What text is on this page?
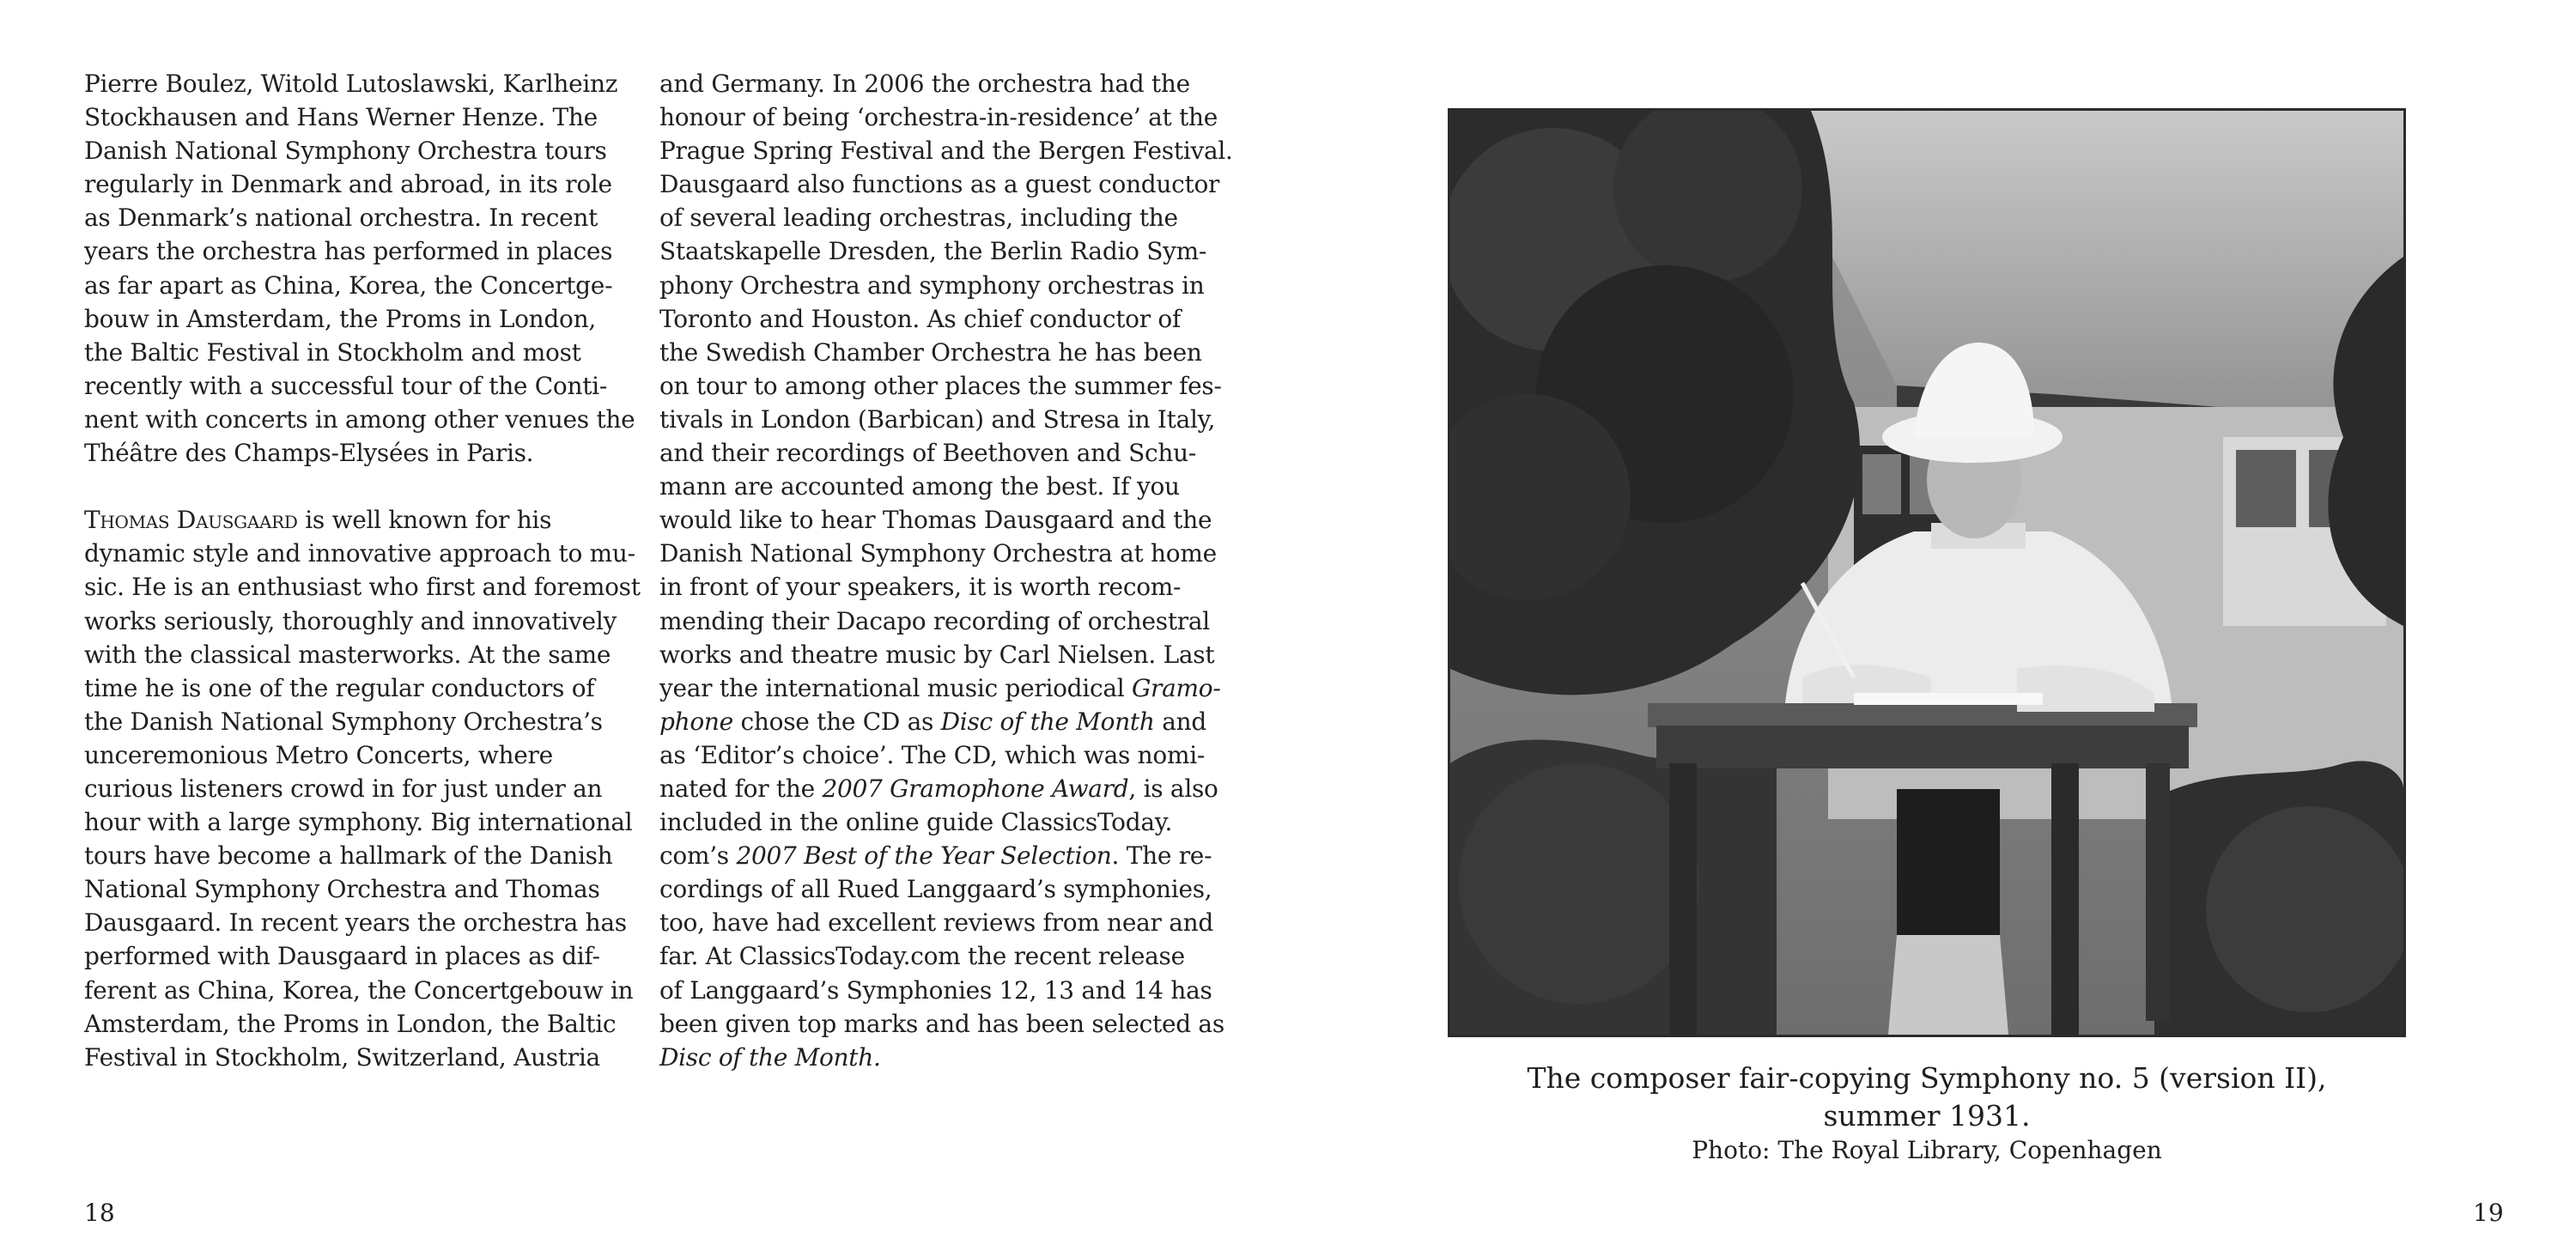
Pierre Boulez, Witold Lutoslawski, Karlheinz
Stockhausen and Hans Werner Henze. The
Danish National Symphony Orchestra tours
regularly in Denmark and abroad, in its role
as Denmark’s national orchestra. In recent
years the orchestra has performed in places
as far apart as China, Korea, the Concertge-
bouw in Amsterdam, the Proms in London,
the Baltic Festival in Stockholm and most
recently with a successful tour of the Conti-
nent with concerts in among other venues the
Théâtre des Champs-Elysées in Paris.
Thomas Dausgaard is well known for his
dynamic style and innovative approach to mu-
sic. He is an enthusiast who first and foremost
works seriously, thoroughly and innovatively
with the classical masterworks. At the same
time he is one of the regular conductors of
the Danish National Symphony Orchestra’s
unceremonious Metro Concerts, where
curious listeners crowd in for just under an
hour with a large symphony. Big international
tours have become a hallmark of the Danish
National Symphony Orchestra and Thomas
Dausgaard. In recent years the orchestra has
performed with Dausgaard in places as dif-
ferent as China, Korea, the Concertgebouw in
Amsterdam, the Proms in London, the Baltic
Festival in Stockholm, Switzerland, Austria
and Germany. In 2006 the orchestra had the
honour of being ‘orchestra-in-residence’ at the
Prague Spring Festival and the Bergen Festival.
Dausgaard also functions as a guest conductor
of several leading orchestras, including the
Staatskapelle Dresden, the Berlin Radio Sym-
phony Orchestra and symphony orchestras in
Toronto and Houston. As chief conductor of
the Swedish Chamber Orchestra he has been
on tour to among other places the summer fes-
tivals in London (Barbican) and Stresa in Italy,
and their recordings of Beethoven and Schu-
mann are accounted among the best. If you
would like to hear Thomas Dausgaard and the
Danish National Symphony Orchestra at home
in front of your speakers, it is worth recom-
mending their Dacapo recording of orchestral
works and theatre music by Carl Nielsen. Last
year the international music periodical Gramo-
phone chose the CD as Disc of the Month and
as ‘Editor’s choice’. The CD, which was nomi-
nated for the 2007 Gramophone Award, is also
included in the online guide ClassicsToday.
com’s 2007 Best of the Year Selection. The re-
cordings of all Rued Langgaard’s symphonies,
too, have had excellent reviews from near and
far. At ClassicsToday.com the recent release
of Langgaard’s Symphonies 12, 13 and 14 has
been given top marks and has been selected as
Disc of the Month.
The composer fair-copying Symphony no. 5 (version II),
summer 1931.
Photo: The Royal Library, Copenhagen
18	19
